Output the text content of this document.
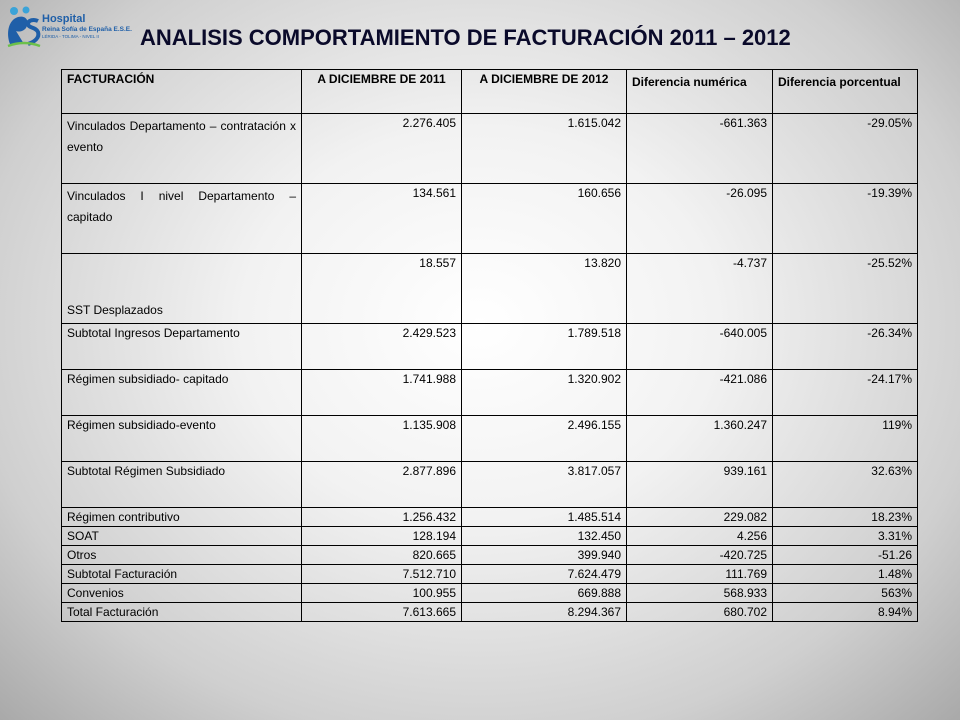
Hospital
Reina Sofía de España E.S.E.
LÉRIDA - TOLIMA - NIVEL II	ANALISIS COMPORTAMIENTO DE FACTURACIÓN 2011 – 2012
FACTURACIÓN	A DICIEMBRE DE 2011	A DICIEMBRE DE 2012	Diferencia numérica	Diferencia porcentual
Vinculados Departamento – contratación x evento	2.276.405	1.615.042	-661.363	-29.05%
Vinculados I nivel Departamento – capitado	134.561	160.656	-26.095	-19.39%
SST Desplazados	18.557	13.820	-4.737	-25.52%
Subtotal Ingresos Departamento	2.429.523	1.789.518	-640.005	-26.34%
Régimen subsidiado- capitado	1.741.988	1.320.902	-421.086	-24.17%
Régimen subsidiado-evento	1.135.908	2.496.155	1.360.247	119%
Subtotal Régimen Subsidiado	2.877.896	3.817.057	939.161	32.63%
Régimen contributivo	1.256.432	1.485.514	229.082	18.23%
SOAT	128.194	132.450	4.256	3.31%
Otros	820.665	399.940	-420.725	-51.26
Subtotal Facturación	7.512.710	7.624.479	111.769	1.48%
Convenios	100.955	669.888	568.933	563%
Total Facturación	7.613.665	8.294.367	680.702	8.94%
